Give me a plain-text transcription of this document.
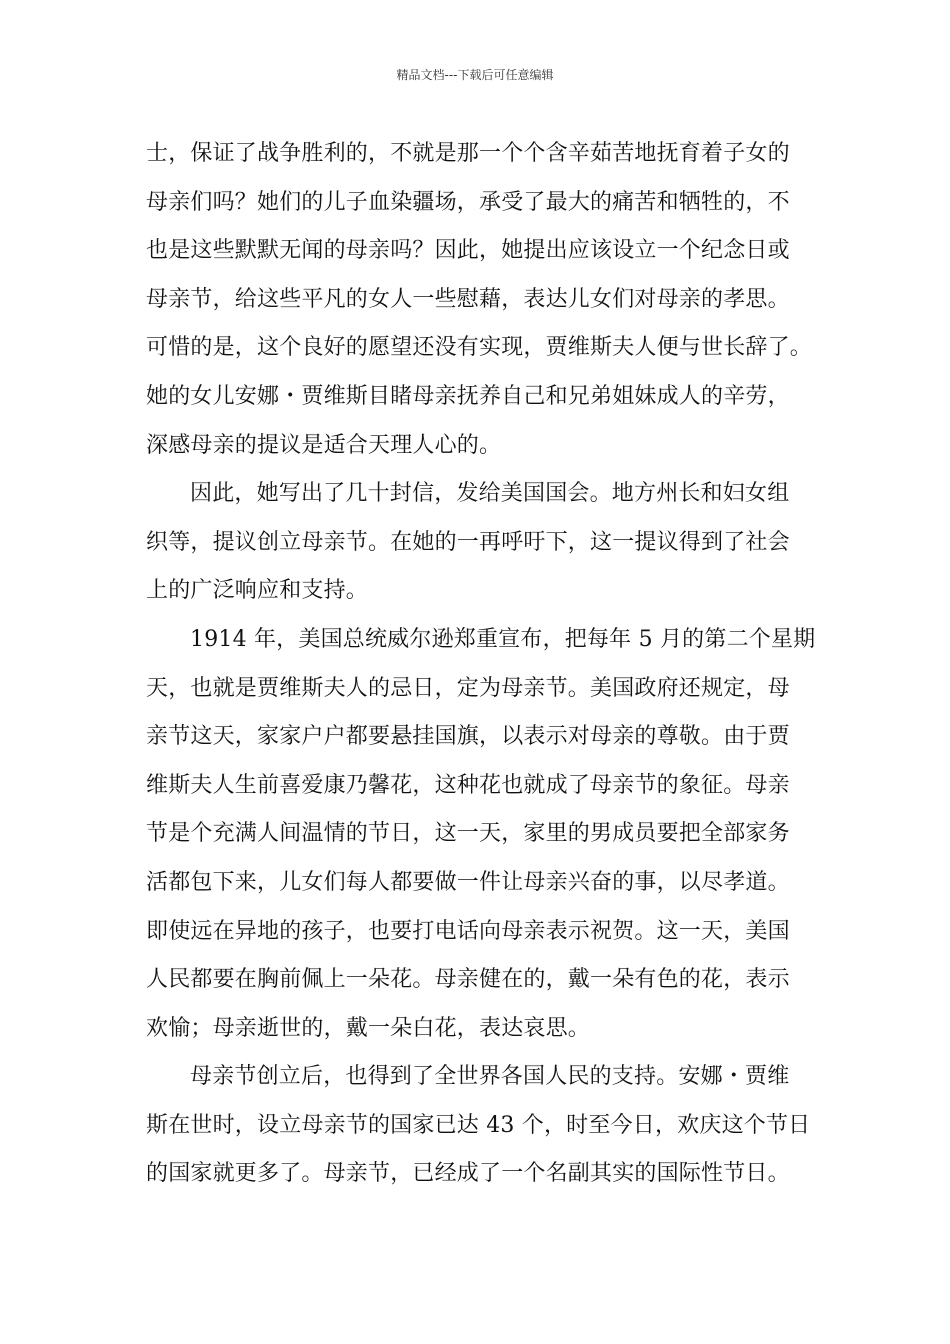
精品文档---下载后可任意编辑
士，保证了战争胜利的，不就是那一个个含辛茹苦地抚育着子女的
母亲们吗？她们的儿子血染疆场，承受了最大的痛苦和牺牲的，不
也是这些默默无闻的母亲吗？因此，她提出应该设立一个纪念日或
母亲节，给这些平凡的女人一些慰藉，表达儿女们对母亲的孝思。
可惜的是，这个良好的愿望还没有实现，贾维斯夫人便与世长辞了。
她的女儿安娜・贾维斯目睹母亲抚养自己和兄弟姐妹成人的辛劳，
深感母亲的提议是适合天理人心的。
因此，她写出了几十封信，发给美国国会。地方州长和妇女组
织等，提议创立母亲节。在她的一再呼吁下，这一提议得到了社会
上的广泛响应和支持。
1914 年，美国总统威尔逊郑重宣布，把每年 5 月的第二个星期
天，也就是贾维斯夫人的忌日，定为母亲节。美国政府还规定，母
亲节这天，家家户户都要悬挂国旗，以表示对母亲的尊敬。由于贾
维斯夫人生前喜爱康乃馨花，这种花也就成了母亲节的象征。母亲
节是个充满人间温情的节日，这一天，家里的男成员要把全部家务
活都包下来，儿女们每人都要做一件让母亲兴奋的事，以尽孝道。
即使远在异地的孩子，也要打电话向母亲表示祝贺。这一天，美国
人民都要在胸前佩上一朵花。母亲健在的，戴一朵有色的花，表示
欢愉；母亲逝世的，戴一朵白花，表达哀思。
母亲节创立后，也得到了全世界各国人民的支持。安娜・贾维
斯在世时，设立母亲节的国家已达 43 个，时至今日，欢庆这个节日
的国家就更多了。母亲节，已经成了一个名副其实的国际性节日。
